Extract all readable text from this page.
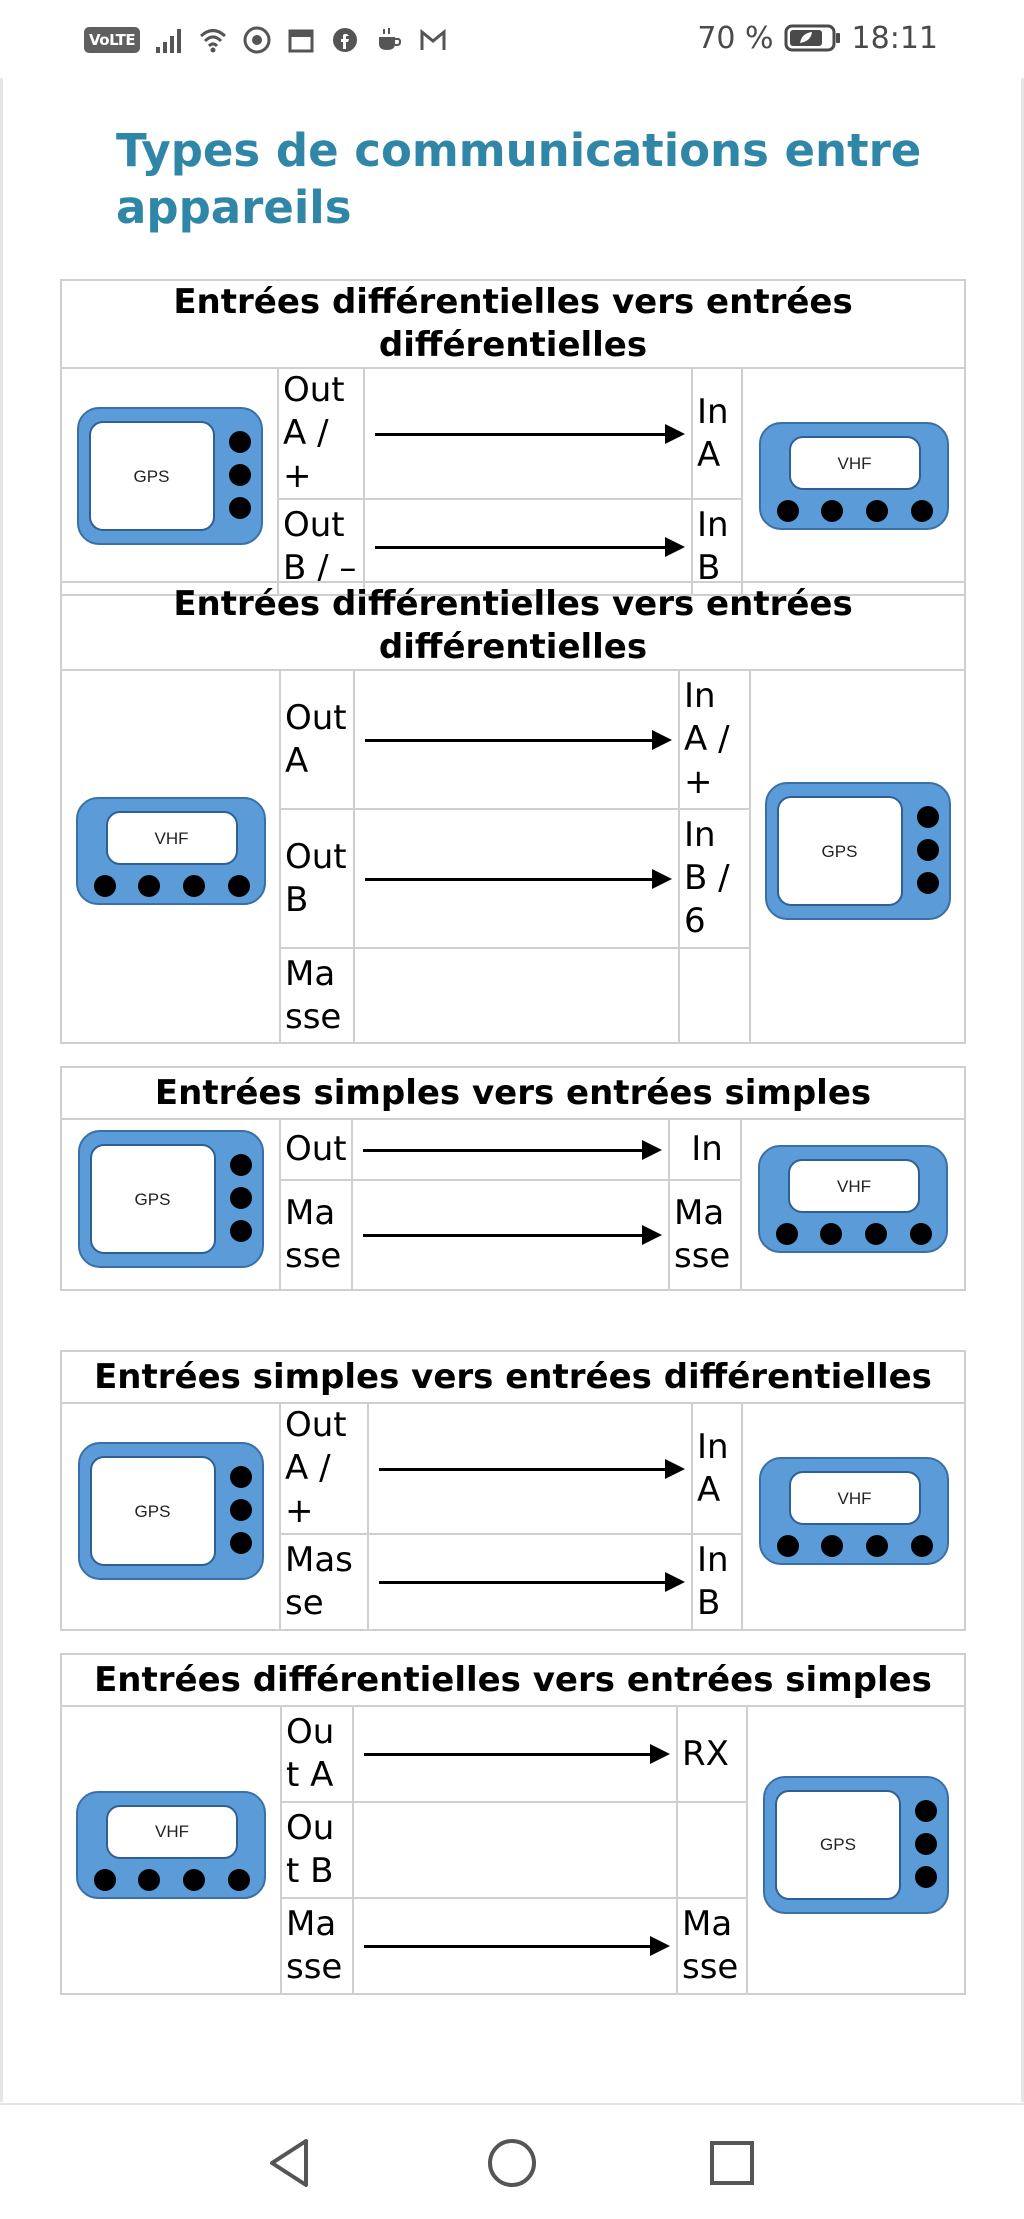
VoLTE	70 %	18:11
Types de communications entre appareils
Entrées différentielles vers entrées différentielles				

GPS	Out A / +		In A	VHF

	Out B / –		In B	
Entrées différentielles vers entrées différentielles				

VHF	Out A		In A / +	GPS

	Out B		In B / 6	
	Ma sse			
Entrées simples vers entrées simples				

GPS	Out		In	VHF

	Ma sse		Ma sse	
Entrées simples vers entrées différentielles				

GPS	Out A / +		In A	VHF

	Mas se		In B	
Entrées différentielles vers entrées simples				

VHF	Ou t A		RX	GPS

	Ou t B			
	Ma sse		Ma sse	
